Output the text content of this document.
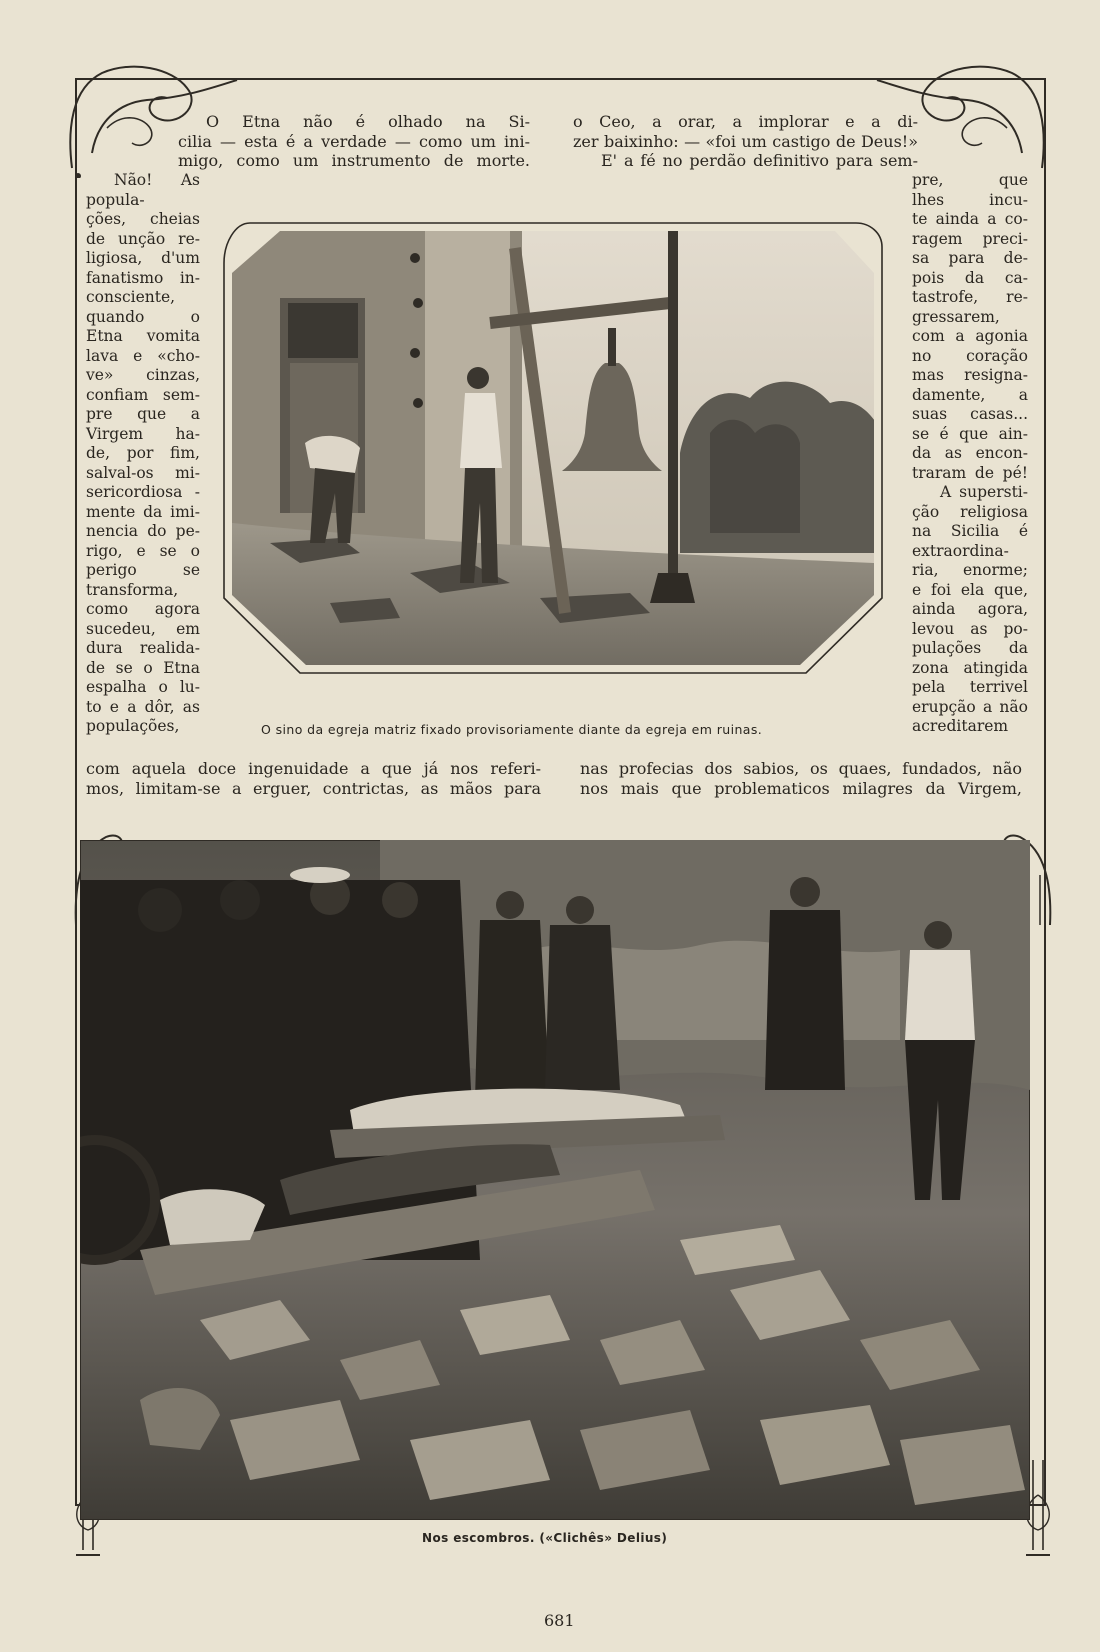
O Etna não é olhado na Si-

cilia — esta é a verdade — como um ini-

migo, como um instrumento de morte.

o Ceo, a orar, a implorar e a di-

zer baixinho: — «foi um castigo de Deus!»

E' a fé no perdão definitivo para sem-

Não! As

popula-

ções, cheias

de unção re-

ligiosa, d'um

fanatismo in-

consciente,

quando o

Etna vomita

lava e «cho-

ve» cinzas,

confiam sem-

pre que a

Virgem ha-

de, por fim,

salval-os mi-

sericordiosa -

mente da imi-

nencia do pe-

rigo, e se o

perigo se

transforma,

como agora

sucedeu, em

dura realida-

de se o Etna

espalha o lu-

to e a dôr, as

populações,

pre, que

lhes incu-

te ainda a co-

ragem preci-

sa para de-

pois da ca-

tastrofe, re-

gressarem,

com a agonia

no coração

mas resigna-

damente, a

suas casas...

se é que ain-

da as encon-

traram de pé!

A supersti-

ção religiosa

na Sicilia é

extraordina-

ria, enorme;

e foi ela que,

ainda agora,

levou as po-

pulações da

zona atingida

pela terrivel

erupção a não

acreditarem

O sino da egreja matriz fixado provisoriamente diante da egreja em ruinas.

com aquela doce ingenuidade a que já nos referi-

mos, limitam-se a erguer, contrictas, as mãos para

nas profecias dos sabios, os quaes, fundados, não

nos mais que problematicos milagres da Virgem,

Nos escombros. («Clichês» Delius)
681
